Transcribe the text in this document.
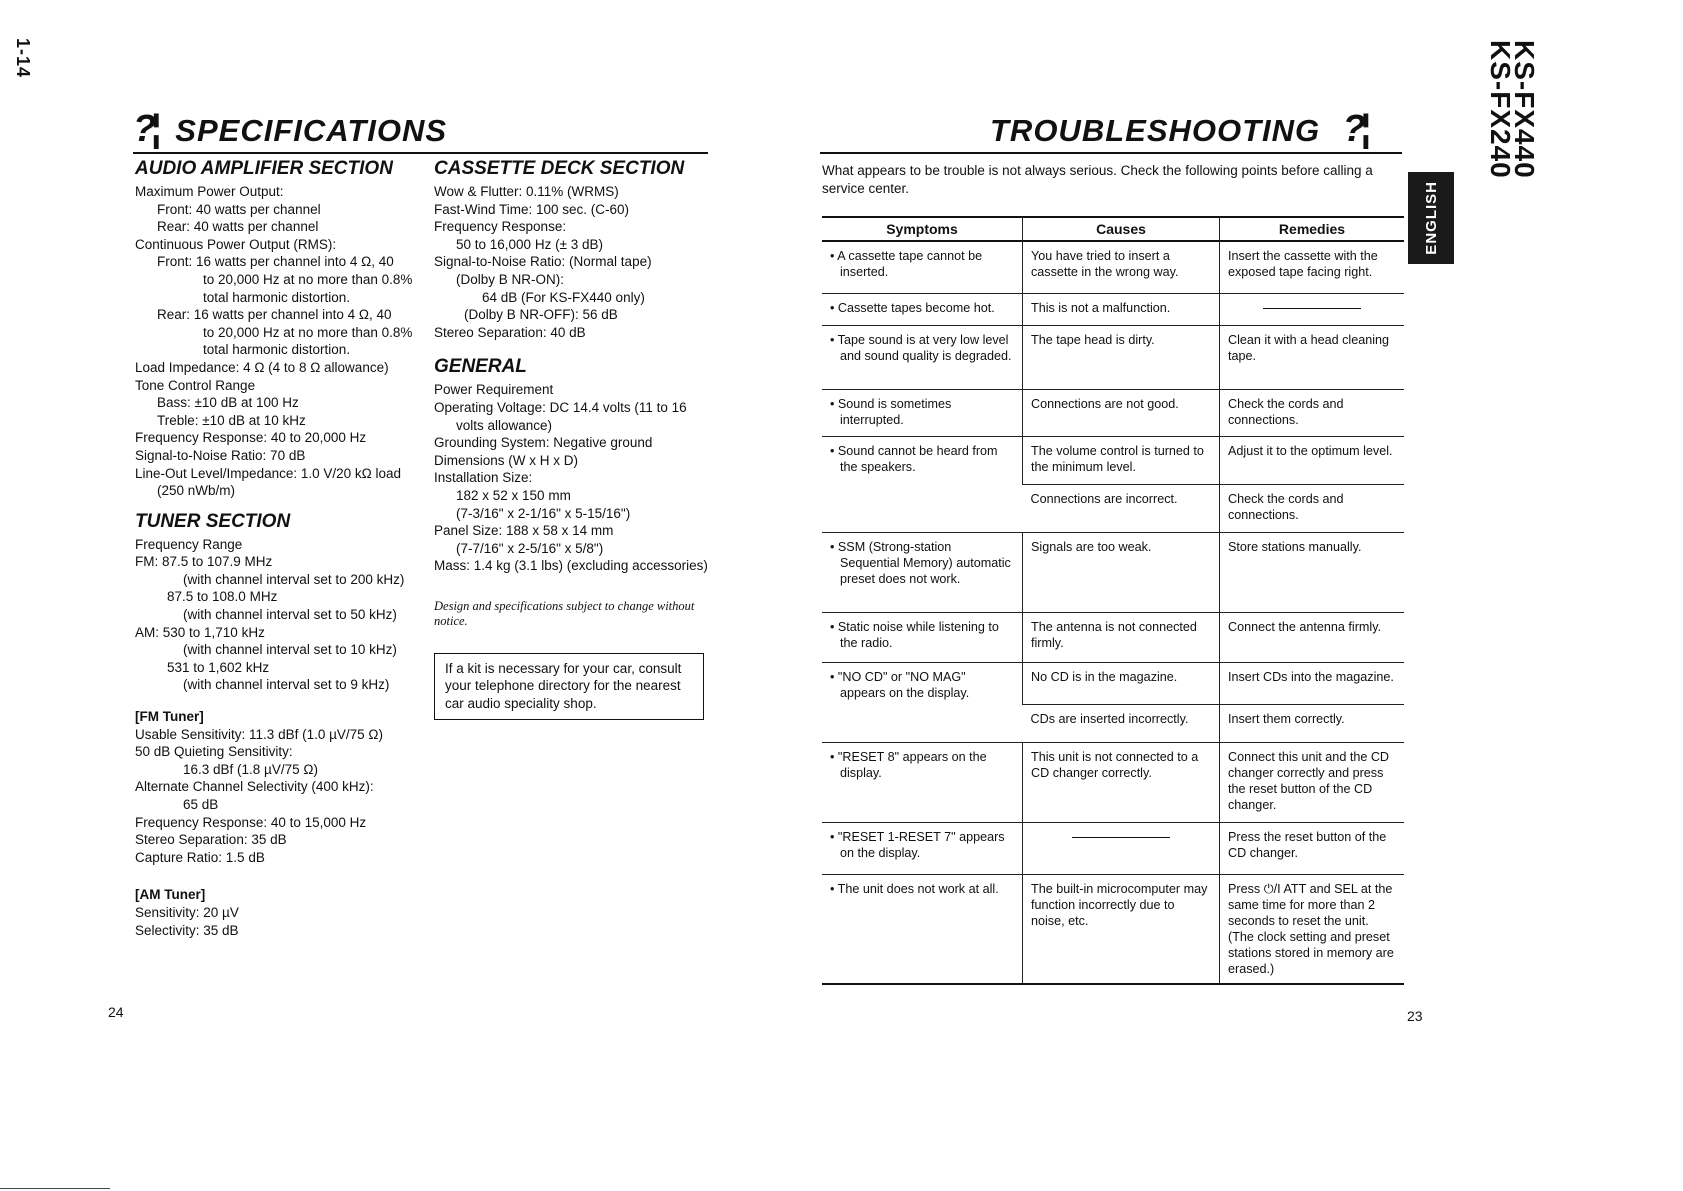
1-14	KS-FX440
KS-FX240
ENGLISH
?¦ SPECIFICATIONS
AUDIO AMPLIFIER SECTION
Maximum Power Output:
Front: 40 watts per channel
Rear: 40 watts per channel
Continuous Power Output (RMS):
Front: 16 watts per channel into 4 Ω, 40
to 20,000 Hz at no more than 0.8%
total harmonic distortion.
Rear: 16 watts per channel into 4 Ω, 40
to 20,000 Hz at no more than 0.8%
total harmonic distortion.
Load Impedance: 4 Ω (4 to 8 Ω allowance)
Tone Control Range
Bass: ±10 dB at 100 Hz
Treble: ±10 dB at 10 kHz
Frequency Response: 40 to 20,000 Hz
Signal-to-Noise Ratio: 70 dB
Line-Out Level/Impedance: 1.0 V/20 kΩ load
(250 nWb/m)
TUNER SECTION
Frequency Range
FM: 87.5 to 107.9 MHz
(with channel interval set to 200 kHz)
87.5 to 108.0 MHz
(with channel interval set to 50 kHz)
AM: 530 to 1,710 kHz
(with channel interval set to 10 kHz)
531 to 1,602 kHz
(with channel interval set to 9 kHz)
[FM Tuner]
Usable Sensitivity: 11.3 dBf (1.0 µV/75 Ω)
50 dB Quieting Sensitivity:
16.3 dBf (1.8 µV/75 Ω)
Alternate Channel Selectivity (400 kHz):
65 dB
Frequency Response: 40 to 15,000 Hz
Stereo Separation: 35 dB
Capture Ratio: 1.5 dB
[AM Tuner]
Sensitivity: 20 µV
Selectivity: 35 dB
CASSETTE DECK SECTION
Wow & Flutter: 0.11% (WRMS)
Fast-Wind Time: 100 sec. (C-60)
Frequency Response:
50 to 16,000 Hz (± 3 dB)
Signal-to-Noise Ratio: (Normal tape)
(Dolby B NR-ON):
64 dB (For KS-FX440 only)
(Dolby B NR-OFF): 56 dB
Stereo Separation: 40 dB
GENERAL
Power Requirement
Operating Voltage: DC 14.4 volts (11 to 16
volts allowance)
Grounding System: Negative ground
Dimensions (W x H x D)
Installation Size:
182 x 52 x 150 mm
(7-3/16" x 2-1/16" x 5-15/16")
Panel Size: 188 x 58 x 14 mm
(7-7/16" x 2-5/16" x 5/8")
Mass: 1.4 kg (3.1 lbs) (excluding accessories)
Design and specifications subject to change without notice.
If a kit is necessary for your car, consult your telephone directory for the nearest car audio speciality shop.
TROUBLESHOOTING ?¦
What appears to be trouble is not always serious. Check the following points before calling a service center.
Symptoms	Causes	Remedies

• A cassette tape cannot be inserted.	You have tried to insert a cassette in the wrong way.	Insert the cassette with the exposed tape facing right.

• Cassette tapes become hot.	This is not a malfunction.	

• Tape sound is at very low level and sound quality is degraded.	The tape head is dirty.	Clean it with a head cleaning tape.

• Sound is sometimes interrupted.	Connections are not good.	Check the cords and connections.

• Sound cannot be heard from the speakers.	The volume control is turned to the minimum level.	Adjust it to the optimum level.
	Connections are incorrect.	Check the cords and connections.

• SSM (Strong-station Sequential Memory) automatic preset does not work.	Signals are too weak.	Store stations manually.

• Static noise while listening to the radio.	The antenna is not connected firmly.	Connect the antenna firmly.

• "NO CD" or "NO MAG" appears on the display.	No CD is in the magazine.	Insert CDs into the magazine.
	CDs are inserted incorrectly.	Insert them correctly.

• "RESET 8" appears on the display.	This unit is not connected to a CD changer correctly.	Connect this unit and the CD changer correctly and press the reset button of the CD changer.

• "RESET 1-RESET 7" appears on the display.		Press the reset button of the CD changer.

• The unit does not work at all.	The built-in microcomputer may function incorrectly due to noise, etc.	Press ⏻/I ATT and SEL at the same time for more than 2 seconds to reset the unit. (The clock setting and preset stations stored in memory are erased.)
24	23
